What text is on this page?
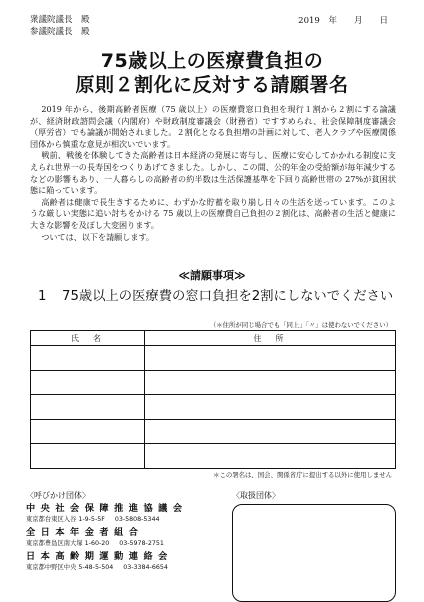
衆議院議長　殿
参議院議長　殿
2019 年　　月　　日
75歳以上の医療費負担の
原則２割化に反対する請願署名

2019 年から、後期高齢者医療（75 歳以上）の医療費窓口負担を現行１割から２割にする論議が、経済財政諮問会議（内閣府）や財政制度審議会（財務省）ですすめられ、社会保障制度審議会（厚労省）でも論議が開始されました。２割化となる負担増の計画に対して、老人クラブや医療関係団体から慎重な意見が相次いでいます。

戦前、戦後を体験してきた高齢者は日本経済の発展に寄与し、医療に安心してかかれる制度に支えられ世界一の長寿国をつくりあげてきました。しかし、この間、公的年金の受給額が毎年減少するなどの影響もあり、一人暮らしの高齢者の約半数は生活保護基準を下回り高齢世帯の 27%が貧困状態に陥っています。

高齢者は健康で長生きするために、わずかな貯蓄を取り崩し日々の生活を送っています。このような厳しい実態に追い討ちをかける 75 歳以上の医療費自己負担の２割化は、高齢者の生活と健康に大きな影響を及ぼし大変困ります。

ついては、以下を請願します。

≪請願事項≫
1 75歳以上の医療費の窓口負担を2割にしないでください
（＊住所が同じ場合でも「同上」「〃」は使わないでください）
氏　名	住　所

＊この署名は、国会、関係省庁に提出する以外に使用しません
〈呼びかけ団体〉
中央社会保障推進協議会
東京都台東区入谷 1-9-5-5F 03-5808-5344
全日本年金者組合
東京都豊島区南大塚 1-60-20 03-5978-2751
日本高齢期運動連絡会
東京都中野区中央 5-48-5-504 03-3384-6654
〈取扱団体〉
